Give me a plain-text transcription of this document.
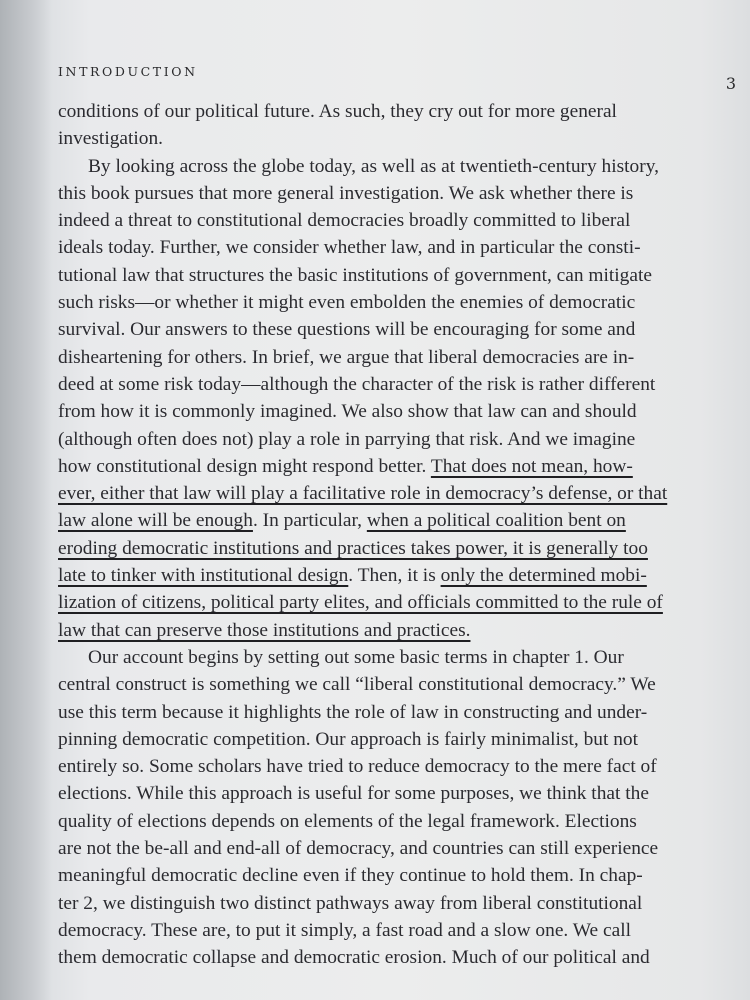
INTRODUCTION
3
conditions of our political future. As such, they cry out for more general
investigation.
By looking across the globe today, as well as at twentieth-century history,
this book pursues that more general investigation. We ask whether there is
indeed a threat to constitutional democracies broadly committed to liberal
ideals today. Further, we consider whether law, and in particular the consti-
tutional law that structures the basic institutions of government, can mitigate
such risks—or whether it might even embolden the enemies of democratic
survival. Our answers to these questions will be encouraging for some and
disheartening for others. In brief, we argue that liberal democracies are in-
deed at some risk today—although the character of the risk is rather different
from how it is commonly imagined. We also show that law can and should
(although often does not) play a role in parrying that risk. And we imagine
how constitutional design might respond better. That does not mean, how-
ever, either that law will play a facilitative role in democracy’s defense, or that
law alone will be enough. In particular, when a political coalition bent on
eroding democratic institutions and practices takes power, it is generally too
late to tinker with institutional design. Then, it is only the determined mobi-
lization of citizens, political party elites, and officials committed to the rule of
law that can preserve those institutions and practices.
Our account begins by setting out some basic terms in chapter 1. Our
central construct is something we call “liberal constitutional democracy.” We
use this term because it highlights the role of law in constructing and under-
pinning democratic competition. Our approach is fairly minimalist, but not
entirely so. Some scholars have tried to reduce democracy to the mere fact of
elections. While this approach is useful for some purposes, we think that the
quality of elections depends on elements of the legal framework. Elections
are not the be-all and end-all of democracy, and countries can still experience
meaningful democratic decline even if they continue to hold them. In chap-
ter 2, we distinguish two distinct pathways away from liberal constitutional
democracy. These are, to put it simply, a fast road and a slow one. We call
them democratic collapse and democratic erosion. Much of our political and
